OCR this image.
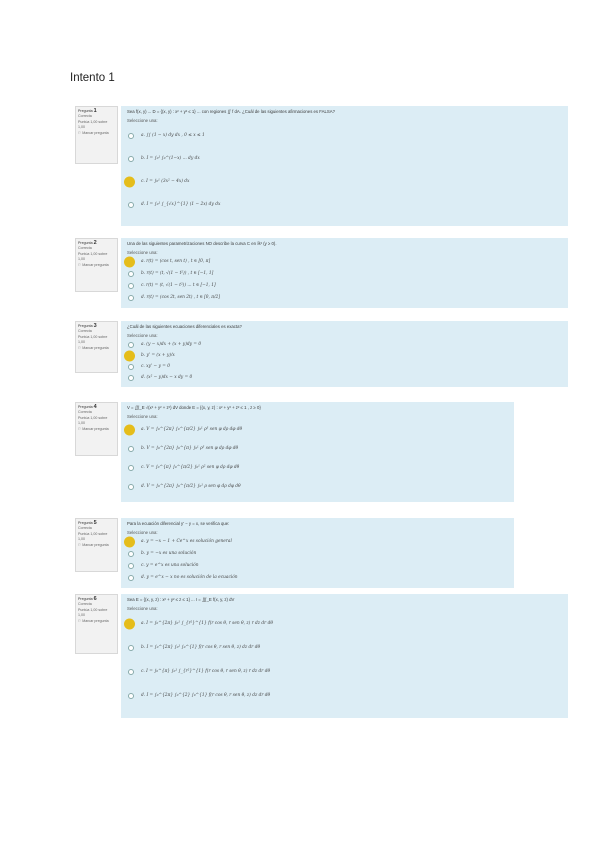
Intento 1
Pregunta 1
Correcta
Puntúa 1,00 sobre 1,00
⚐ Marcar pregunta
Sea f(x, y) ... D = {(x, y) : x² + y² ≤ 1} ... con regiones ∬ f dA. ¿Cuál de las siguientes afirmaciones es FALSA?
Seleccione una:
a. ∫∫ (1 − x) dy dx , 0 ≤ x ≤ 1
b. I = ∫₀¹ ∫₀^(1−x) ... dy dx
c. I = ∫₀¹ (3x² − 4x) dx
d. I = ∫₀¹ ∫_{√x}^{1} (1 − 2x) dy dx
Pregunta 2
Correcta
Puntúa 1,00 sobre 1,00
⚐ Marcar pregunta
Una de las siguientes parametrizaciones NO describe la curva C en ℝ² (y ≥ 0).
Seleccione una:
a. r(t) = (cos t, sen t) , t ∈ [0, π]
b. r(t) = (t, √(1 − t²)) , t ∈ [−1, 1]
c. r(t) = (t, √(1 − t²)) ... t ∈ [−1, 1]
d. r(t) = (cos 2t, sen 2t) , t ∈ [0, π/2]
Pregunta 3
Correcta
Puntúa 1,00 sobre 1,00
⚐ Marcar pregunta
¿Cuál de las siguientes ecuaciones diferenciales es exacta?
Seleccione una:
a. (y − x)dx + (x + y)dy = 0
b. y' = (x + y)/x
c. xy' − y = 0
d. (x² − y)dx − x dy = 0
Pregunta 4
Correcta
Puntúa 1,00 sobre 1,00
⚐ Marcar pregunta
V = ∭_E √(x² + y² + z²) dV donde E = {(x, y, z) : x² + y² + z² ≤ 1 , z ≥ 0}
Seleccione una:
a. V = ∫₀^{2π} ∫₀^{π/2} ∫₀¹ ρ³ sen φ dρ dφ dθ
b. V = ∫₀^{2π} ∫₀^{π} ∫₀¹ ρ³ sen φ dρ dφ dθ
c. V = ∫₀^{π} ∫₀^{π/2} ∫₀¹ ρ² sen φ dρ dφ dθ
d. V = ∫₀^{2π} ∫₀^{π/2} ∫₀¹ ρ sen φ dρ dφ dθ
Pregunta 5
Correcta
Puntúa 1,00 sobre 1,00
⚐ Marcar pregunta
Para la ecuación diferencial y' − y = x, se verifica que:
Seleccione una:
a. y = −x − 1 + Ce^x es solución general
b. y = −x es una solución
c. y = e^x es una solución
d. y = e^x − x no es solución de la ecuación
Pregunta 6
Correcta
Puntúa 1,00 sobre 1,00
⚐ Marcar pregunta
Sea E = {(x, y, z) : x² + y² ≤ z ≤ 1} ... I = ∭_E f(x, y, z) dV
Seleccione una:
a. I = ∫₀^{2π} ∫₀¹ ∫_{r²}^{1} f(r cos θ, r sen θ, z) r dz dr dθ
b. I = ∫₀^{2π} ∫₀¹ ∫₀^{1} f(r cos θ, r sen θ, z) dz dr dθ
c. I = ∫₀^{π} ∫₀¹ ∫_{r²}^{1} f(r cos θ, r sen θ, z) r dz dr dθ
d. I = ∫₀^{2π} ∫₀^{2} ∫₀^{1} f(r cos θ, r sen θ, z) dz dr dθ
